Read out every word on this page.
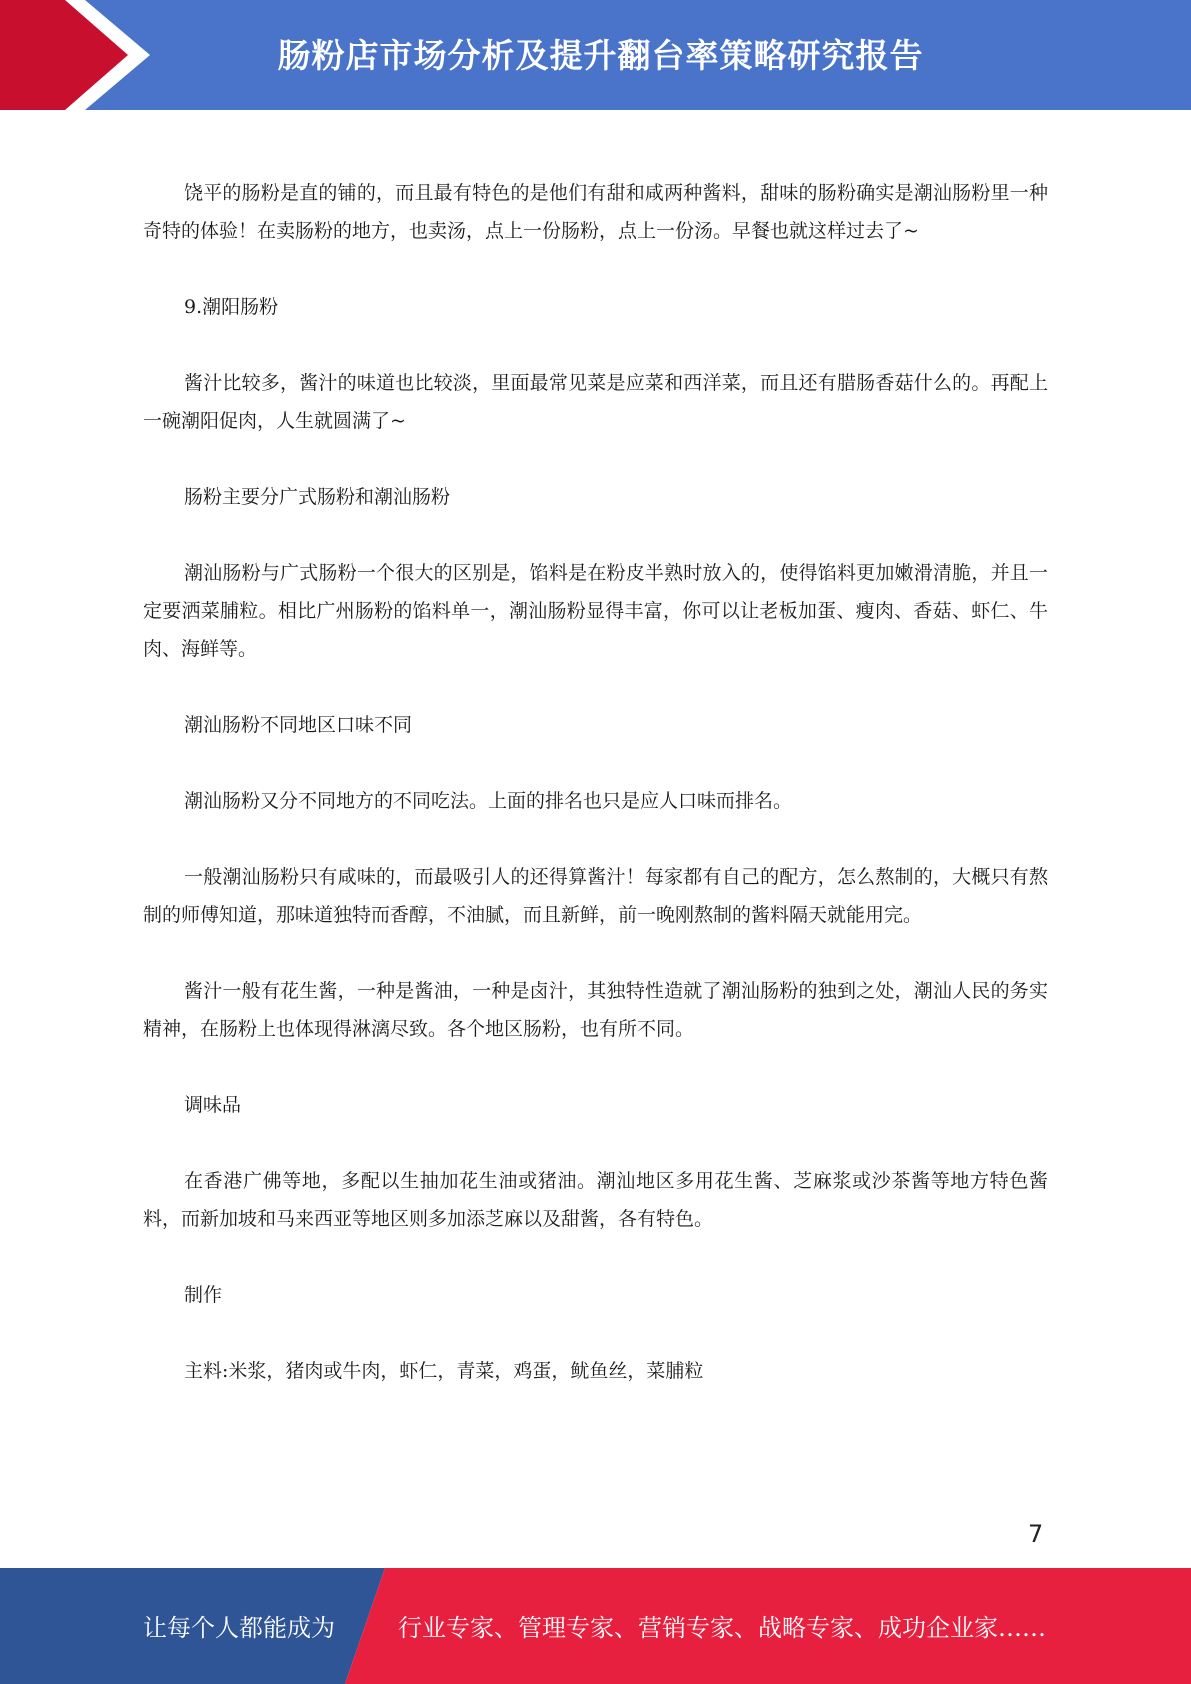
肠粉店市场分析及提升翻台率策略研究报告

饶平的肠粉是直的铺的，而且最有特色的是他们有甜和咸两种酱料，甜味的肠粉确实是潮汕肠粉里一种奇特的体验！在卖肠粉的地方，也卖汤，点上一份肠粉，点上一份汤。早餐也就这样过去了~

9.潮阳肠粉

酱汁比较多，酱汁的味道也比较淡，里面最常见菜是应菜和西洋菜，而且还有腊肠香菇什么的。再配上一碗潮阳促肉，人生就圆满了~

肠粉主要分广式肠粉和潮汕肠粉

潮汕肠粉与广式肠粉一个很大的区别是，馅料是在粉皮半熟时放入的，使得馅料更加嫩滑清脆，并且一定要洒菜脯粒。相比广州肠粉的馅料单一，潮汕肠粉显得丰富，你可以让老板加蛋、瘦肉、香菇、虾仁、牛肉、海鲜等。

潮汕肠粉不同地区口味不同

潮汕肠粉又分不同地方的不同吃法。上面的排名也只是应人口味而排名。

一般潮汕肠粉只有咸味的，而最吸引人的还得算酱汁！每家都有自己的配方，怎么熬制的，大概只有熬制的师傅知道，那味道独特而香醇，不油腻，而且新鲜，前一晚刚熬制的酱料隔天就能用完。

酱汁一般有花生酱，一种是酱油，一种是卤汁，其独特性造就了潮汕肠粉的独到之处，潮汕人民的务实精神，在肠粉上也体现得淋漓尽致。各个地区肠粉，也有所不同。

调味品

在香港广佛等地，多配以生抽加花生油或猪油。潮汕地区多用花生酱、芝麻浆或沙茶酱等地方特色酱料，而新加坡和马来西亚等地区则多加添芝麻以及甜酱，各有特色。

制作

主料:米浆，猪肉或牛肉，虾仁，青菜，鸡蛋，鱿鱼丝，菜脯粒

7
让每个人都能成为	行业专家、管理专家、营销专家、战略专家、成功企业家……
